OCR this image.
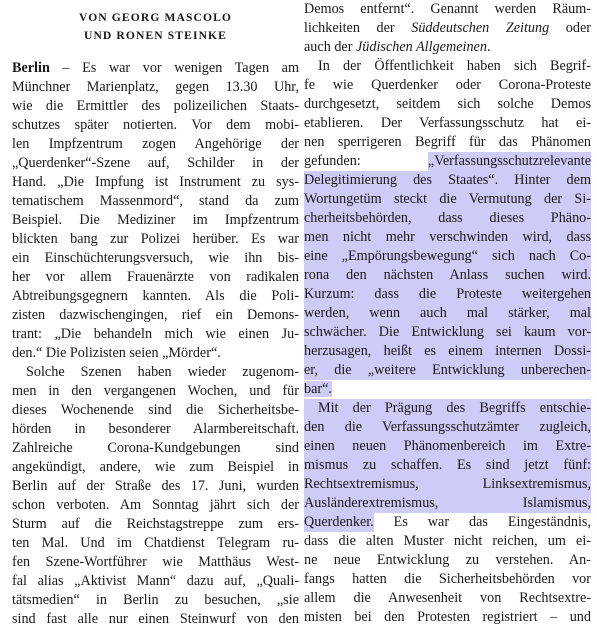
VON GEORG MASCOLO

UND RONEN STEINKE

Berlin – Es war vor wenigen Tagen am
Münchner Marienplatz, gegen 13.30 Uhr,
wie die Ermittler des polizeilichen Staats-
schutzes später notierten. Vor dem mobi-
len Impfzentrum zogen Angehörige der
„Querdenker“-Szene auf, Schilder in der
Hand. „Die Impfung ist Instrument zu sys-
tematischem Massenmord“, stand da zum
Beispiel. Die Mediziner im Impfzentrum
blickten bang zur Polizei herüber. Es war
ein Einschüchterungsversuch, wie ihn bis-
her vor allem Frauenärzte von radikalen
Abtreibungsgegnern kannten. Als die Poli-
zisten dazwischengingen, rief ein Demons-
trant: „Die behandeln mich wie einen Ju-
den.“ Die Polizisten seien „Mörder“.
Solche Szenen haben wieder zugenom-
men in den vergangenen Wochen, und für
dieses Wochenende sind die Sicherheitsbe-
hörden in besonderer Alarmbereitschaft.
Zahlreiche Corona-Kundgebungen sind
angekündigt, andere, wie zum Beispiel in
Berlin auf der Straße des 17. Juni, wurden
schon verboten. Am Sonntag jährt sich der
Sturm auf die Reichstagstreppe zum ers-
ten Mal. Und im Chatdienst Telegram ru-
fen Szene-Wortführer wie Matthäus West-
fal alias „Aktivist Mann“ dazu auf, „Quali-
tätsmedien“ in Berlin zu besuchen, „sie
sind fast alle nur einen Steinwurf von den
Demos entfernt“. Genannt werden Räum-
lichkeiten der Süddeutschen Zeitung oder
auch der Jüdischen Allgemeinen.
In der Öffentlichkeit haben sich Begrif-
fe wie Querdenker oder Corona-Proteste
durchgesetzt, seitdem sich solche Demos
etablieren. Der Verfassungsschutz hat ei-
nen sperrigeren Begriff für das Phänomen
gefunden:	„Verfassungsschutzrelevante
Delegitimierung des Staates“. Hinter dem
Wortungetüm steckt die Vermutung der Si-
cherheitsbehörden, dass dieses Phäno-
men nicht mehr verschwinden wird, dass
eine „Empörungsbewegung“ sich nach Co-
rona den nächsten Anlass suchen wird.
Kurzum: dass die Proteste weitergehen
werden, wenn auch mal stärker, mal
schwächer. Die Entwicklung sei kaum vor-
herzusagen, heißt es einem internen Dossi-
er, die „weitere Entwicklung unberechen-
bar“.
Mit der Prägung des Begriffs entschie-
den die Verfassungsschutzämter zugleich,
einen neuen Phänomenbereich im Extre-
mismus zu schaffen. Es sind jetzt fünf:
Rechtsextremismus, Linksextremismus,
Ausländerextremismus, Islamismus,
Querdenker. Es war das Eingeständnis,
dass die alten Muster nicht reichen, um ei-
ne neue Entwicklung zu verstehen. An-
fangs hatten die Sicherheitsbehörden vor
allem die Anwesenheit von Rechtsextre-
misten bei den Protesten registriert – und
